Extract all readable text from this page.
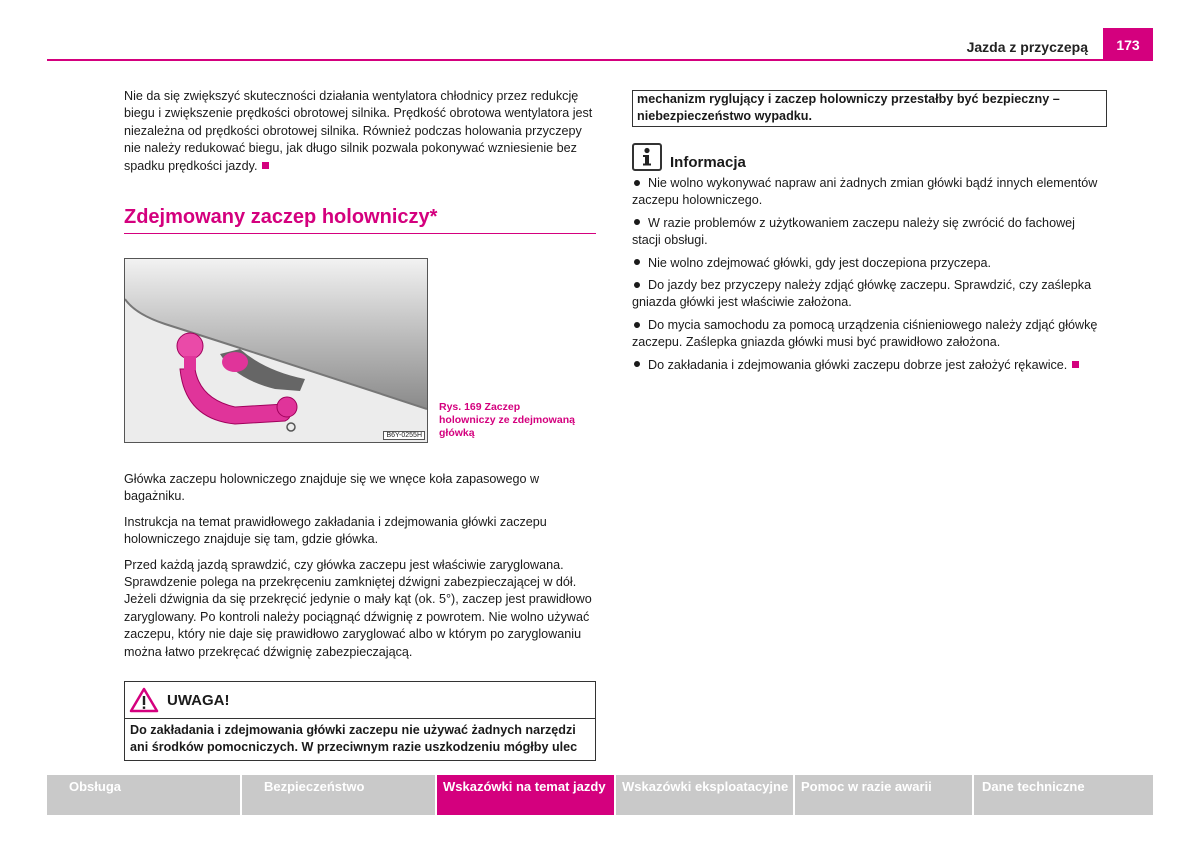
Jazda z przyczepą	173

Nie da się zwiększyć skuteczności działania wentylatora chłodnicy przez redukcję biegu i zwiększenie prędkości obrotowej silnika. Prędkość obrotowa wentylatora jest niezależna od prędkości obrotowej silnika. Również podczas holowania przyczepy nie należy redukować biegu, jak długo silnik pozwala pokonywać wzniesienie bez spadku prędkości jazdy.

Zdejmowany zaczep holowniczy*
B6Y-0255H
Rys. 169 Zaczep holowniczy ze zdejmowaną główką

Główka zaczepu holowniczego znajduje się we wnęce koła zapasowego w bagażniku.

Instrukcja na temat prawidłowego zakładania i zdejmowania główki zaczepu holowniczego znajduje się tam, gdzie główka.

Przed każdą jazdą sprawdzić, czy główka zaczepu jest właściwie zaryglowana. Sprawdzenie polega na przekręceniu zamkniętej dźwigni zabezpieczającej w dół. Jeżeli dźwignia da się przekręcić jedynie o mały kąt (ok. 5°), zaczep jest prawidłowo zaryglowany. Po kontroli należy pociągnąć dźwignię z powrotem. Nie wolno używać zaczepu, który nie daje się prawidłowo zaryglować albo w którym po zaryglowaniu można łatwo przekręcać dźwignię zabezpieczającą.

UWAGA!
Do zakładania i zdejmowania główki zaczepu nie używać żadnych narzędzi ani środków pomocniczych. W przeciwnym razie uszkodzeniu mógłby ulec
mechanizm ryglujący i zaczep holowniczy przestałby być bezpieczny – niebezpieczeństwo wypadku.
Informacja
Nie wolno wykonywać napraw ani żadnych zmian główki bądź innych elementów zaczepu holowniczego.
W razie problemów z użytkowaniem zaczepu należy się zwrócić do fachowej stacji obsługi.
Nie wolno zdejmować główki, gdy jest doczepiona przyczepa.
Do jazdy bez przyczepy należy zdjąć główkę zaczepu. Sprawdzić, czy zaślepka gniazda główki jest właściwie założona.
Do mycia samochodu za pomocą urządzenia ciśnieniowego należy zdjąć główkę zaczepu. Zaślepka gniazda główki musi być prawidłowo założona.
Do zakładania i zdejmowania główki zaczepu dobrze jest założyć rękawice.
Obsługa	Bezpieczeństwo	Wskazówki na temat jazdy	Wskazówki eksploatacyjne Pomoc w razie awarii	Dane techniczne
